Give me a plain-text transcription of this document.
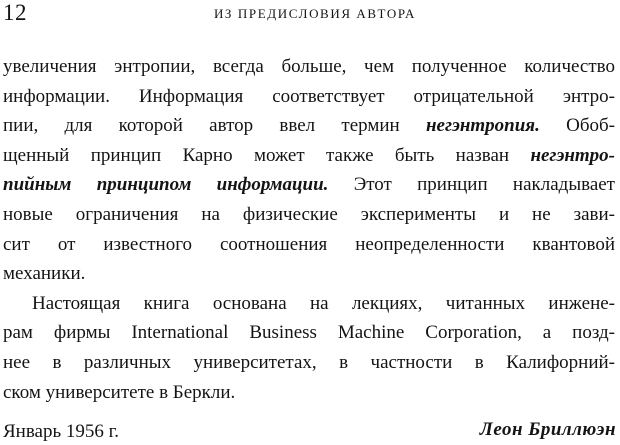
12	ИЗ ПРЕДИСЛОВИЯ АВТОРА
увеличения энтропии, всегда больше, чем полученное количество
информации. Информация соответствует отрицательной энтро-
пии, для которой автор ввел термин негэнтропия. Обоб-
щенный принцип Карно может также быть назван негэнтро-
пийным принципом информации. Этот принцип накладывает
новые ограничения на физические эксперименты и не зави-
сит от известного соотношения неопределенности квантовой
механики.
Настоящая книга основана на лекциях, читанных инжене-
рам фирмы International Business Machine Corporation, а позд-
нее в различных университетах, в частности в Калифорний-
ском университете в Беркли.
Январь 1956 г.	Леон Бриллюэн
